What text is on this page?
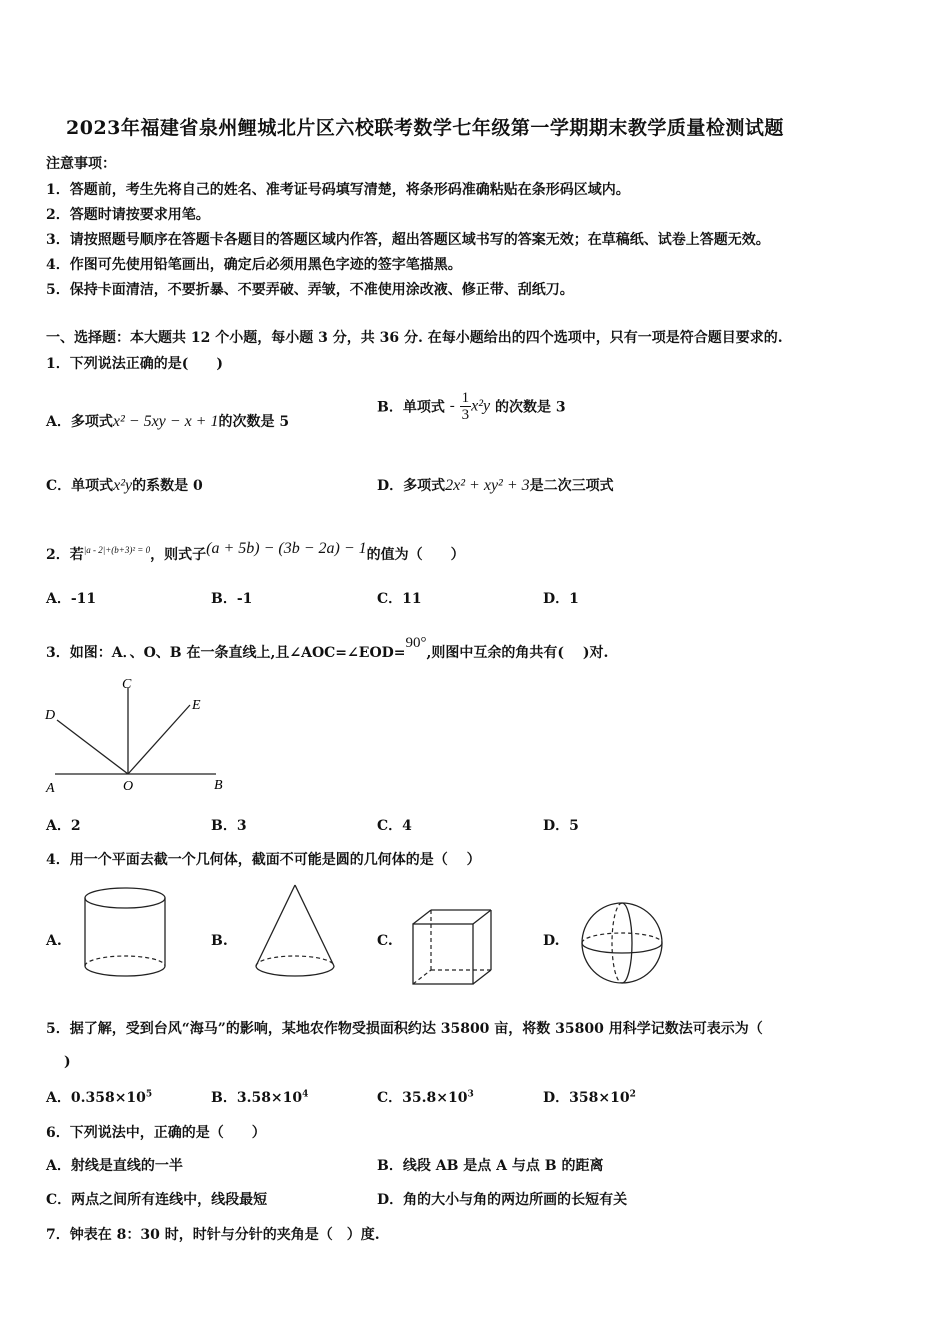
2023年福建省泉州鲤城北片区六校联考数学七年级第一学期期末教学质量检测试题
注意事项：
1．答题前，考生先将自己的姓名、准考证号码填写清楚，将条形码准确粘贴在条形码区域内。
2．答题时请按要求用笔。
3．请按照题号顺序在答题卡各题目的答题区域内作答，超出答题区域书写的答案无效；在草稿纸、试卷上答题无效。
4．作图可先使用铅笔画出，确定后必须用黑色字迹的签字笔描黑。
5．保持卡面清洁，不要折暴、不要弄破、弄皱，不准使用涂改液、修正带、刮纸刀。
一、选择题：本大题共 12 个小题，每小题 3 分，共 36 分. 在每小题给出的四个选项中，只有一项是符合题目要求的.
1．下列说法正确的是(　　)
A．多项式x² − 5xy − x + 1的次数是 5
B．单项式 - $\frac{1}{3} x^2y$ 的次数是 3
C．单项式x²y的系数是 0	D．多项式2x² + xy² + 3是二次三项式
2．若$^{|a - 2|+(b+3)^2 = 0}$，则式子(a + 5b) − (3b − 2a) − 1的值为（　　）
A．-11	B．-1	C．11	D．1
3．如图：A．、O、B 在一条直线上,且∠AOC=∠EOD=90°,则图中互余的角共有(　 )对.
C
D
E
A	O	B
A．2	B．3	C．4	D．5
4．用一个平面去截一个几何体，截面不可能是圆的几何体的是（　 ）
A.	B.	C.	D.
5．据了解，受到台风“海马”的影响，某地农作物受损面积约达 35800 亩，将数 35800 用科学记数法可表示为（
)
A．$0.358\times 10^5$	B．$3.58\times 10^4$	C．$35.8\times 10^3$	D．$358\times 10^2$
6．下列说法中，正确的是（　　）
A．射线是直线的一半	B．线段 AB 是点 A 与点 B 的距离
C．两点之间所有连线中，线段最短	D．角的大小与角的两边所画的长短有关
7．钟表在 8：30 时，时针与分针的夹角是（　）度.
